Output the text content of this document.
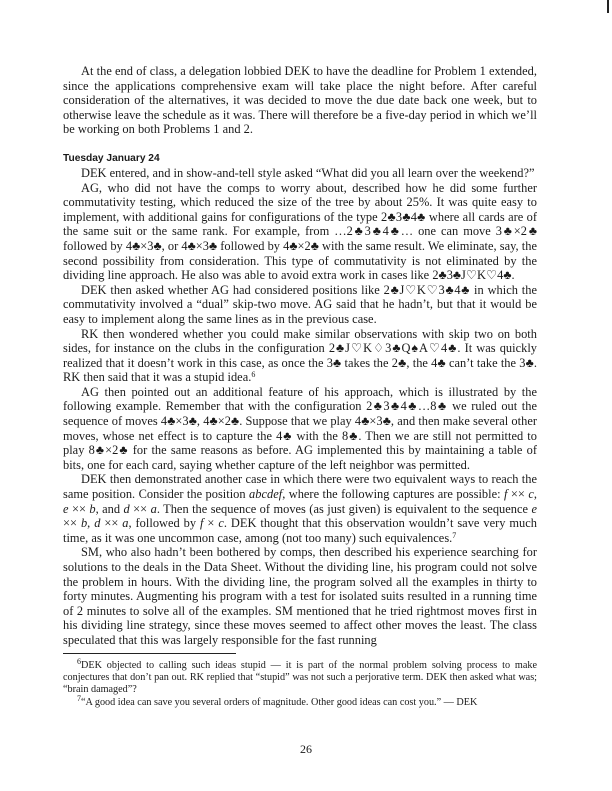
At the end of class, a delegation lobbied DEK to have the deadline for Problem 1 extended, since the applications comprehensive exam will take place the night before. After careful consideration of the alternatives, it was decided to move the due date back one week, but to otherwise leave the schedule as it was. There will therefore be a five-day period in which we’ll be working on both Problems 1 and 2.

Tuesday January 24

DEK entered, and in show-and-tell style asked “What did you all learn over the weekend?”

AG, who did not have the comps to worry about, described how he did some further commutativity testing, which reduced the size of the tree by about 25%. It was quite easy to implement, with additional gains for configurations of the type 2♣3♣4♣ where all cards are of the same suit or the same rank. For example, from …2♣3♣4♣… one can move 3♣×2♣ followed by 4♣×3♣, or 4♣×3♣ followed by 4♣×2♣ with the same result. We eliminate, say, the second possibility from consideration. This type of commutativity is not eliminated by the dividing line approach. He also was able to avoid extra work in cases like 2♣3♣J♡K♡4♣.

DEK then asked whether AG had considered positions like 2♣J♡K♡3♣4♣ in which the commutativity involved a “dual” skip-two move. AG said that he hadn’t, but that it would be easy to implement along the same lines as in the previous case.

RK then wondered whether you could make similar observations with skip two on both sides, for instance on the clubs in the configuration 2♣J♡K♢3♣Q♠A♡4♣. It was quickly realized that it doesn’t work in this case, as once the 3♣ takes the 2♣, the 4♣ can’t take the 3♣. RK then said that it was a stupid idea.$^6$

AG then pointed out an additional feature of his approach, which is illustrated by the following example. Remember that with the configuration 2♣3♣4♣…8♣ we ruled out the sequence of moves 4♣×3♣, 4♣×2♣. Suppose that we play 4♣×3♣, and then make several other moves, whose net effect is to capture the 4♣ with the 8♣. Then we are still not permitted to play 8♣×2♣ for the same reasons as before. AG implemented this by maintaining a table of bits, one for each card, saying whether capture of the left neighbor was permitted.

DEK then demonstrated another case in which there were two equivalent ways to reach the same position. Consider the position abcdef, where the following captures are possible: f ×× c, e ×× b, and d ×× a. Then the sequence of moves (as just given) is equivalent to the sequence e ×× b, d ×× a, followed by f × c. DEK thought that this observation wouldn’t save very much time, as it was one uncommon case, among (not too many) such equivalences.$^7$

SM, who also hadn’t been bothered by comps, then described his experience searching for solutions to the deals in the Data Sheet. Without the dividing line, his program could not solve the problem in hours. With the dividing line, the program solved all the examples in thirty to forty minutes. Augmenting his program with a test for isolated suits resulted in a running time of 2 minutes to solve all of the examples. SM mentioned that he tried rightmost moves first in his dividing line strategy, since these moves seemed to affect other moves the least. The class speculated that this was largely responsible for the fast running

$^6$DEK objected to calling such ideas stupid — it is part of the normal problem solving process to make conjectures that don’t pan out. RK replied that “stupid” was not such a perjorative term. DEK then asked what was; “brain damaged”?

$^7$“A good idea can save you several orders of magnitude. Other good ideas can cost you.” — DEK

26
